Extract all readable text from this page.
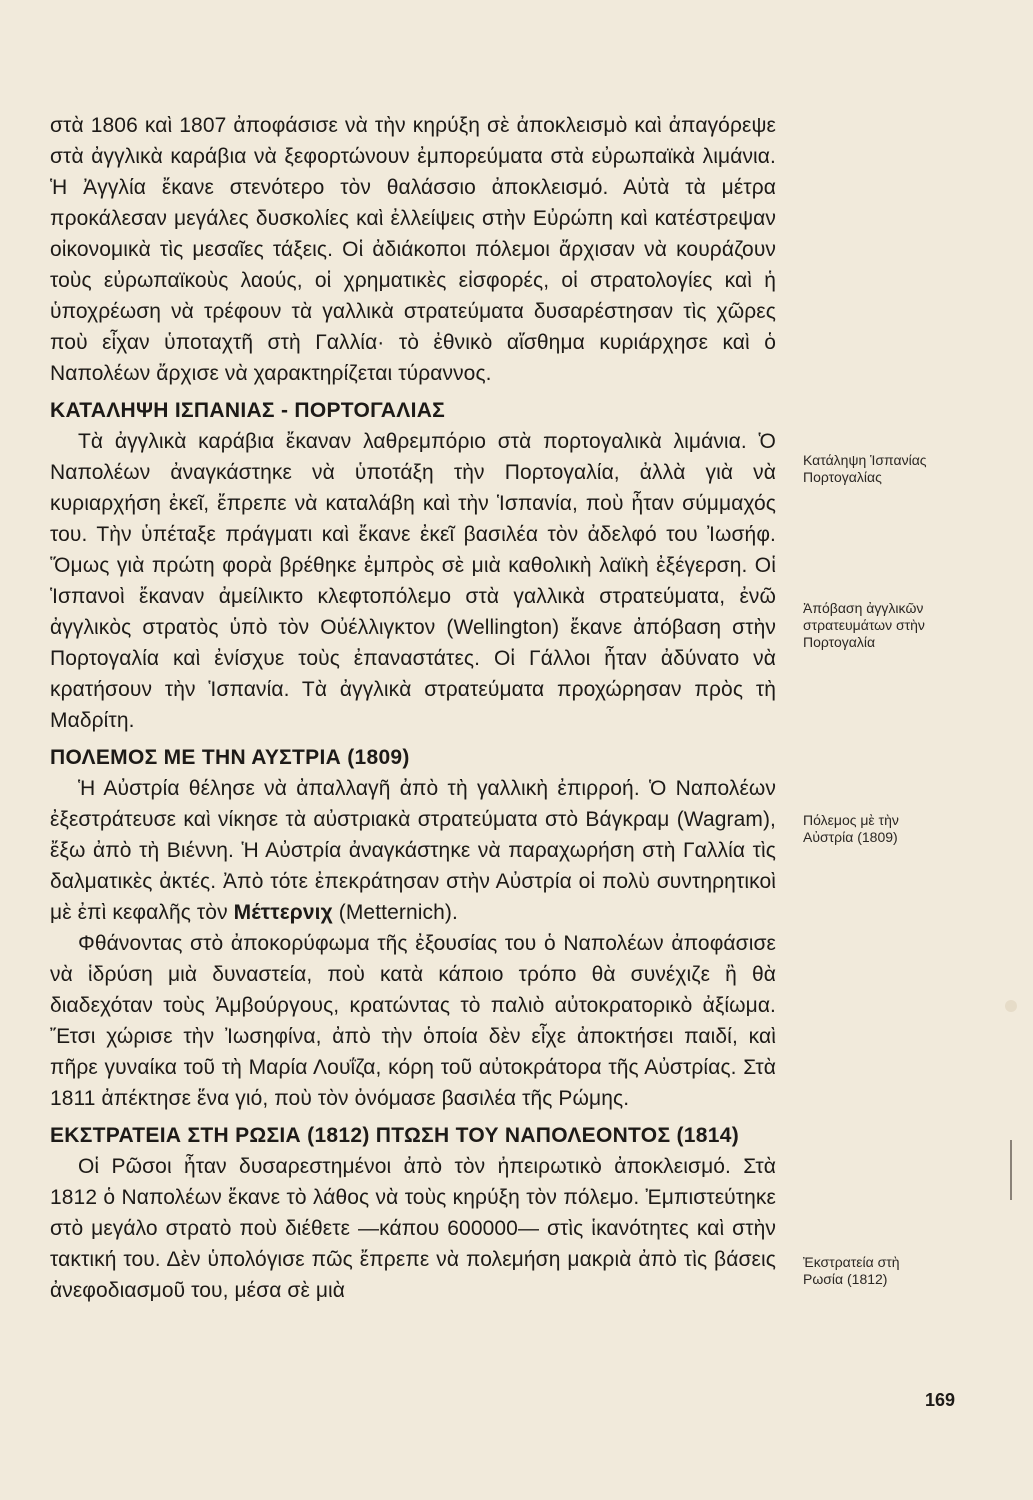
στὰ 1806 καὶ 1807 ἀποφάσισε νὰ τὴν κηρύξη σὲ ἀποκλεισμὸ καὶ ἀπαγόρεψε στὰ ἀγγλικὰ καράβια νὰ ξεφορτώνουν ἐμπορεύματα στὰ εὐρωπαϊκὰ λιμάνια. Ἡ Ἀγγλία ἔκανε στενότερο τὸν θαλάσσιο ἀποκλεισμό. Αὐτὰ τὰ μέτρα προκάλεσαν μεγάλες δυσκολίες καὶ ἐλλείψεις στὴν Εὐρώπη καὶ κατέστρεψαν οἰκονομικὰ τὶς μεσαῖες τάξεις. Οἱ ἀδιάκοποι πόλεμοι ἄρχισαν νὰ κουράζουν τοὺς εὐρωπαϊκοὺς λαούς, οἱ χρηματικὲς εἰσφορές, οἱ στρατολογίες καὶ ἡ ὑποχρέωση νὰ τρέφουν τὰ γαλλικὰ στρατεύματα δυσαρέστησαν τὶς χῶρες ποὺ εἶχαν ὑποταχτῆ στὴ Γαλλία· τὸ ἐθνικὸ αἴσθημα κυριάρχησε καὶ ὁ Ναπολέων ἄρχισε νὰ χαρακτηρίζεται τύραννος.

ΚΑΤΑΛΗΨΗ ΙΣΠΑΝΙΑΣ - ΠΟΡΤΟΓΑΛΙΑΣ

Τὰ ἀγγλικὰ καράβια ἔκαναν λαθρεμπόριο στὰ πορτογαλικὰ λιμάνια. Ὁ Ναπολέων ἀναγκάστηκε νὰ ὑποτάξη τὴν Πορτογαλία, ἀλλὰ γιὰ νὰ κυριαρχήση ἐκεῖ, ἔπρεπε νὰ καταλάβη καὶ τὴν Ἱσπανία, ποὺ ἦταν σύμμαχός του. Τὴν ὑπέταξε πράγματι καὶ ἔκανε ἐκεῖ βασιλέα τὸν ἀδελφό του Ἰωσήφ. Ὅμως γιὰ πρώτη φορὰ βρέθηκε ἐμπρὸς σὲ μιὰ καθολικὴ λαϊκὴ ἐξέγερση. Οἱ Ἱσπανοὶ ἔκαναν ἀμείλικτο κλεφτοπόλεμο στὰ γαλλικὰ στρατεύματα, ἐνῶ ἀγγλικὸς στρατὸς ὑπὸ τὸν Οὐέλλιγκτον (Wellington) ἔκανε ἀπόβαση στὴν Πορτογαλία καὶ ἐνίσχυε τοὺς ἐπαναστάτες. Οἱ Γάλλοι ἦταν ἀδύνατο νὰ κρατήσουν τὴν Ἱσπανία. Τὰ ἀγγλικὰ στρατεύματα προχώρησαν πρὸς τὴ Μαδρίτη.

ΠΟΛΕΜΟΣ ΜΕ ΤΗΝ ΑΥΣΤΡΙΑ (1809)

Ἡ Αὐστρία θέλησε νὰ ἀπαλλαγῆ ἀπὸ τὴ γαλλικὴ ἐπιρροή. Ὁ Ναπολέων ἐξεστράτευσε καὶ νίκησε τὰ αὐστριακὰ στρατεύματα στὸ Βάγκραμ (Wagram), ἔξω ἀπὸ τὴ Βιέννη. Ἡ Αὐστρία ἀναγκάστηκε νὰ παραχωρήση στὴ Γαλλία τὶς δαλματικὲς ἀκτές. Ἀπὸ τότε ἐπεκράτησαν στὴν Αὐστρία οἱ πολὺ συντηρητικοὶ μὲ ἐπὶ κεφαλῆς τὸν Μέττερνιχ (Metternich).

Φθάνοντας στὸ ἀποκορύφωμα τῆς ἐξουσίας του ὁ Ναπολέων ἀποφάσισε νὰ ἱδρύση μιὰ δυναστεία, ποὺ κατὰ κάποιο τρόπο θὰ συνέχιζε ἢ θὰ διαδεχόταν τοὺς Ἀμβούργους, κρατώντας τὸ παλιὸ αὐτοκρατορικὸ ἀξίωμα. Ἔτσι χώρισε τὴν Ἰωσηφίνα, ἀπὸ τὴν ὁποία δὲν εἶχε ἀποκτήσει παιδί, καὶ πῆρε γυναίκα τοῦ τὴ Μαρία Λουΐζα, κόρη τοῦ αὐτοκράτορα τῆς Αὐστρίας. Στὰ 1811 ἀπέκτησε ἕνα γιό, ποὺ τὸν ὀνόμασε βασιλέα τῆς Ρώμης.

ΕΚΣΤΡΑΤΕΙΑ ΣΤΗ ΡΩΣΙΑ (1812) ΠΤΩΣΗ ΤΟΥ ΝΑΠΟΛΕΟΝΤΟΣ (1814)

Οἱ Ρῶσοι ἦταν δυσαρεστημένοι ἀπὸ τὸν ἠπειρωτικὸ ἀποκλεισμό. Στὰ 1812 ὁ Ναπολέων ἔκανε τὸ λάθος νὰ τοὺς κηρύξη τὸν πόλεμο. Ἐμπιστεύτηκε στὸ μεγάλο στρατὸ ποὺ διέθετε —κάπου 600000— στὶς ἱκανότητες καὶ στὴν τακτική του. Δὲν ὑπολόγισε πῶς ἔπρεπε νὰ πολεμήση μακριὰ ἀπὸ τὶς βάσεις ἀνεφοδιασμοῦ του, μέσα σὲ μιὰ

Κατάληψη Ἱσπανίας Πορτογαλίας
Ἀπόβαση ἀγγλικῶν στρατευμάτων στὴν Πορτογαλία
Πόλεμος μὲ τὴν Αὐστρία (1809)
Ἐκστρατεία στὴ Ρωσία (1812)
169
